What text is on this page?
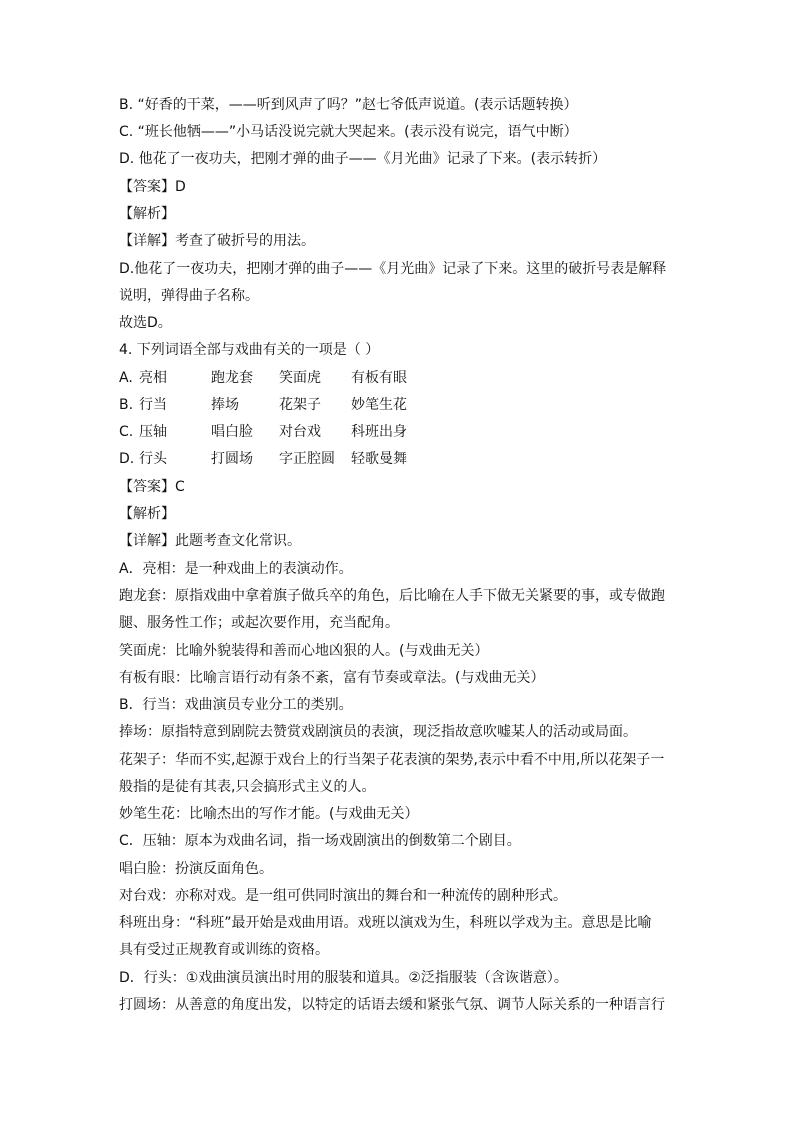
B. “好香的干菜，——听到风声了吗？”赵七爷低声说道。(表示话题转换）
C. “班长他牺——”小马话没说完就大哭起来。(表示没有说完，语气中断）
D. 他花了一夜功夫，把刚才弹的曲子——《月光曲》记录了下来。(表示转折）
【答案】D
【解析】
【详解】考查了破折号的用法。
D.他花了一夜功夫，把刚才弹的曲子——《月光曲》记录了下来。这里的破折号表是解释
说明，弹得曲子名称。
故选D。
4. 下列词语全部与戏曲有关的一项是（ ）
A. 亮相	跑龙套 笑面虎 有板有眼
B. 行当	捧场	花架子 妙笔生花
C. 压轴	唱白脸 对台戏 科班出身
D. 行头	打圆场 字正腔圆 轻歌曼舞
【答案】C
【解析】
【详解】此题考查文化常识。
A．亮相：是一种戏曲上的表演动作。
跑龙套：原指戏曲中拿着旗子做兵卒的角色，后比喻在人手下做无关紧要的事，或专做跑
腿、服务性工作；或起次要作用，充当配角。
笑面虎：比喻外貌装得和善而心地凶狠的人。(与戏曲无关）
有板有眼：比喻言语行动有条不紊，富有节奏或章法。(与戏曲无关）
B．行当：戏曲演员专业分工的类别。
捧场：原指特意到剧院去赞赏戏剧演员的表演，现泛指故意吹嘘某人的活动或局面。
花架子：华而不实,起源于戏台上的行当架子花表演的架势,表示中看不中用,所以花架子一
般指的是徒有其表,只会搞形式主义的人。
妙笔生花：比喻杰出的写作才能。(与戏曲无关）
C．压轴：原本为戏曲名词，指一场戏剧演出的倒数第二个剧目。
唱白脸：扮演反面角色。
对台戏：亦称对戏。是一组可供同时演出的舞台和一种流传的剧种形式。
科班出身：“科班”最开始是戏曲用语。戏班以演戏为生，科班以学戏为主。意思是比喻
具有受过正规教育或训练的资格。
D．行头：①戏曲演员演出时用的服装和道具。②泛指服装（含诙谐意）。
打圆场：从善意的角度出发，以特定的话语去缓和紧张气氛、调节人际关系的一种语言行
